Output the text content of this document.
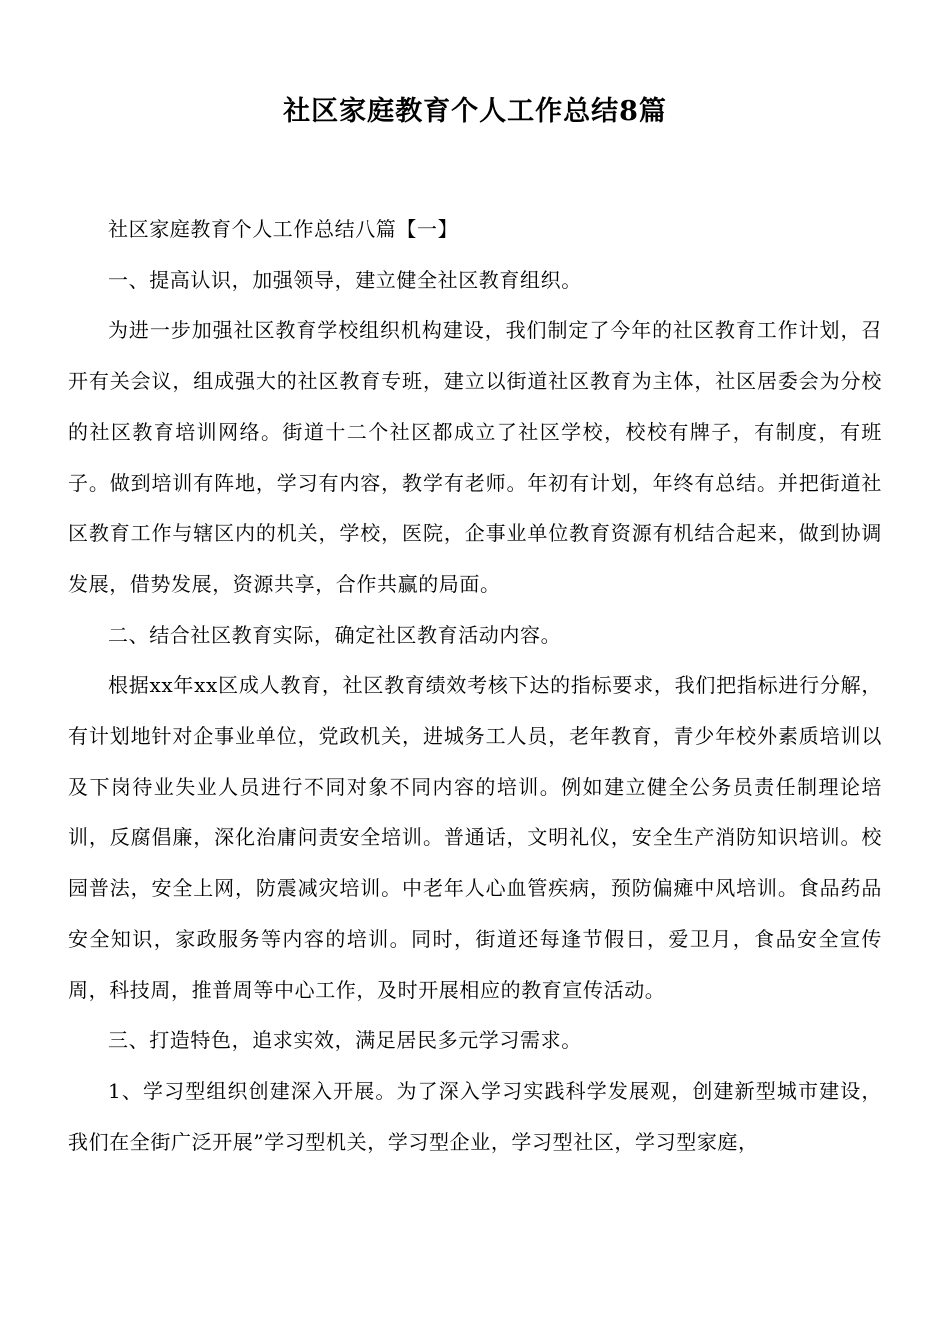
社区家庭教育个人工作总结8篇

社区家庭教育个人工作总结八篇【一】

一、提高认识，加强领导，建立健全社区教育组织。

为进一步加强社区教育学校组织机构建设，我们制定了今年的社区教育工作计划，召开有关会议，组成强大的社区教育专班，建立以街道社区教育为主体，社区居委会为分校的社区教育培训网络。街道十二个社区都成立了社区学校，校校有牌子，有制度，有班子。做到培训有阵地，学习有内容，教学有老师。年初有计划，年终有总结。并把街道社区教育工作与辖区内的机关，学校，医院，企事业单位教育资源有机结合起来，做到协调发展，借势发展，资源共享，合作共赢的局面。

二、结合社区教育实际，确定社区教育活动内容。

根据xx年xx区成人教育，社区教育绩效考核下达的指标要求，我们把指标进行分解，有计划地针对企事业单位，党政机关，进城务工人员，老年教育，青少年校外素质培训以及下岗待业失业人员进行不同对象不同内容的培训。例如建立健全公务员责任制理论培训，反腐倡廉，深化治庸问责安全培训。普通话，文明礼仪，安全生产消防知识培训。校园普法，安全上网，防震减灾培训。中老年人心血管疾病，预防偏瘫中风培训。食品药品安全知识，家政服务等内容的培训。同时，街道还每逢节假日，爱卫月，食品安全宣传周，科技周，推普周等中心工作，及时开展相应的教育宣传活动。

三、打造特色，追求实效，满足居民多元学习需求。

1、学习型组织创建深入开展。为了深入学习实践科学发展观，创建新型城市建设，我们在全街广泛开展”学习型机关，学习型企业，学习型社区，学习型家庭，
